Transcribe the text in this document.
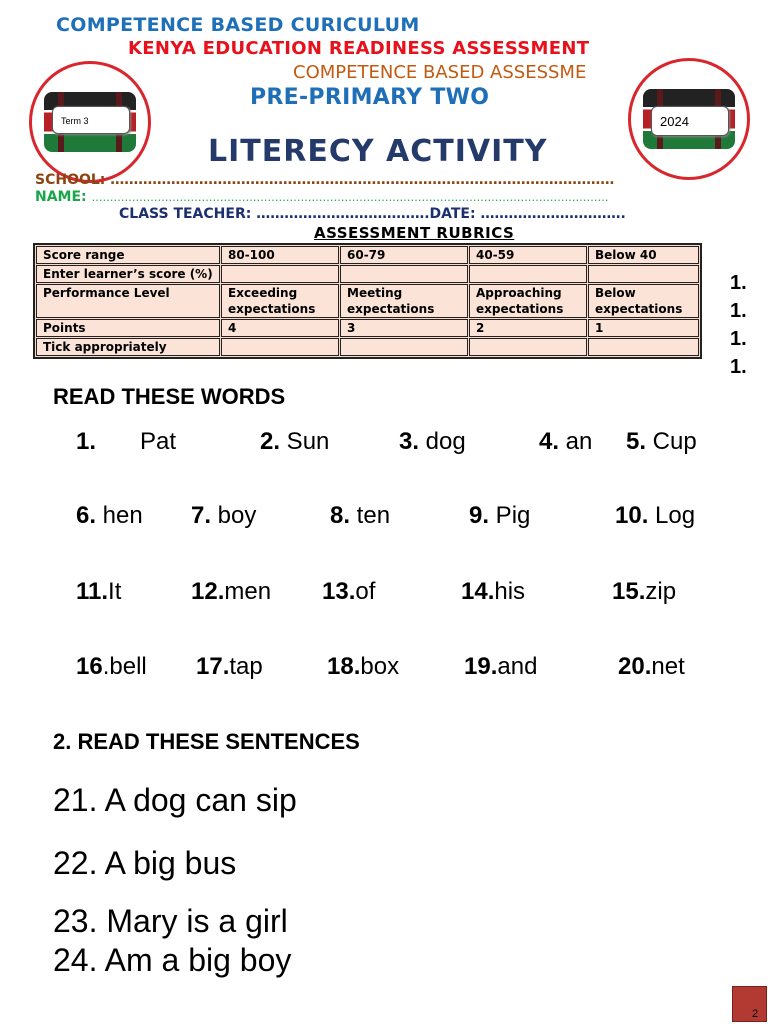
COMPETENCE BASED CURICULUM
KENYA EDUCATION READINESS ASSESSMENT
COMPETENCE BASED ASSESSME
PRE-PRIMARY TWO
LITERECY ACTIVITY
Term 3	2024
SCHOOL: ………………………………………………………………………………………………
NAME: ……………………………………………………………………………………………………………………………
CLASS TEACHER: ……………………………….DATE: ………………………….
ASSESSMENT RUBRICS
Score range	80-100	60-79	40-59	Below 40
Enter learner’s score (%)				
Performance Level	Exceeding expectations	Meeting expectations	Approaching expectations	Below expectations
Points	4	3	2	1
Tick appropriately				
1.
1.
1.
1.
READ THESE WORDS
1. Pat	2. Sun	3. dog	4. an 5. Cup
6. hen 7. boy	8. ten	9. Pig	10. Log
11.It	12.men 13.of	14.his	15.zip
16.bell 17.tap	18.box	19.and	20.net
2. READ THESE SENTENCES
21. A dog can sip
22. A big bus
23. Mary is a girl
24. Am a big boy
2
